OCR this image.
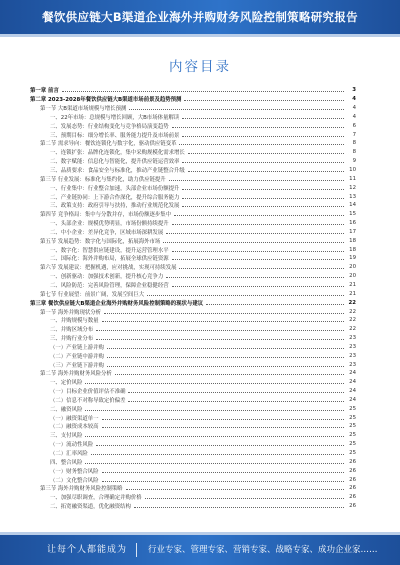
餐饮供应链大B渠道企业海外并购财务风险控制策略研究报告
内容目录
第一章 前言	3
第二章 2023-2028年餐饮供应链大B渠道市场前景及趋势预测	4
第一节 大B渠道市场规模与增长预测	4
一、22年市场：总规模与增长回顾，大B市场体量解读	4
二、发展态势：行业结构变化与竞争格局演变趋势	6
三、预期目标：细分增长率、服务能力提升及市场前景	7
第二节 需求导向：餐饮连锁化与数字化，驱动供应链变革	8
一、连锁扩张：品牌化连锁化，集中采购规模化需求增长	8
二、数字赋能：信息化与智能化，提升供应链运营效率	9
三、品质要求：食品安全与标准化，推动产业链整合升级	10
第三节 行业发展：标准化与集约化，助力供应链提升	11
一、行业集中：行业整合加速，头部企业市场份额提升	12
二、产业链协同：上下游合作深化，提升综合服务能力	13
三、政策支持：政府引导与扶持，推动行业规范化发展	14
第四节 竞争格局：集中与分散并存，市场份额逐步集中	15
一、头部企业：规模优势明显，市场份额持续提升	16
二、中小企业：差异化竞争，区域市场深耕发展	17
第五节 发展趋势：数字化与国际化，拓展海外市场	18
一、数字化：智慧供应链建设，提升运营管理水平	18
二、国际化：海外并购布局，拓展全球供应链资源	19
第六节 发展建议：把握机遇，应对挑战，实现可持续发展	20
一、创新驱动：加强技术创新，提升核心竞争力	20
二、风险防范：完善风险管理，保障企业稳健经营	21
第七节 行业展望：前景广阔，发展空间巨大	21
第三章 餐饮供应链大B渠道企业海外并购财务风险控制策略的现状与建议	22
第一节 海外并购现状分析	22
一、并购规模与数量	22
二、并购区域分布	22
三、并购行业分布	23
（一）产业链上游并购	23
（二）产业链中游并购	23
（三）产业链下游并购	23
第二节 海外并购财务风险分析	24
一、定价风险	24
（一）目标企业价值评估不准确	24
（二）信息不对称导致定价偏差	24
二、融资风险	25
（一）融资渠道单一	25
（二）融资成本较高	25
三、支付风险	25
（一）流动性风险	25
（二）汇率风险	25
四、整合风险	26
（一）财务整合风险	26
（二）文化整合风险	26
第三节 海外并购财务风险控制策略	26
一、加强尽职调查，合理确定并购价格	26
二、拓宽融资渠道，优化融资结构	26
让每个人都能成为 行业专家、管理专家、营销专家、战略专家、成功企业家……
